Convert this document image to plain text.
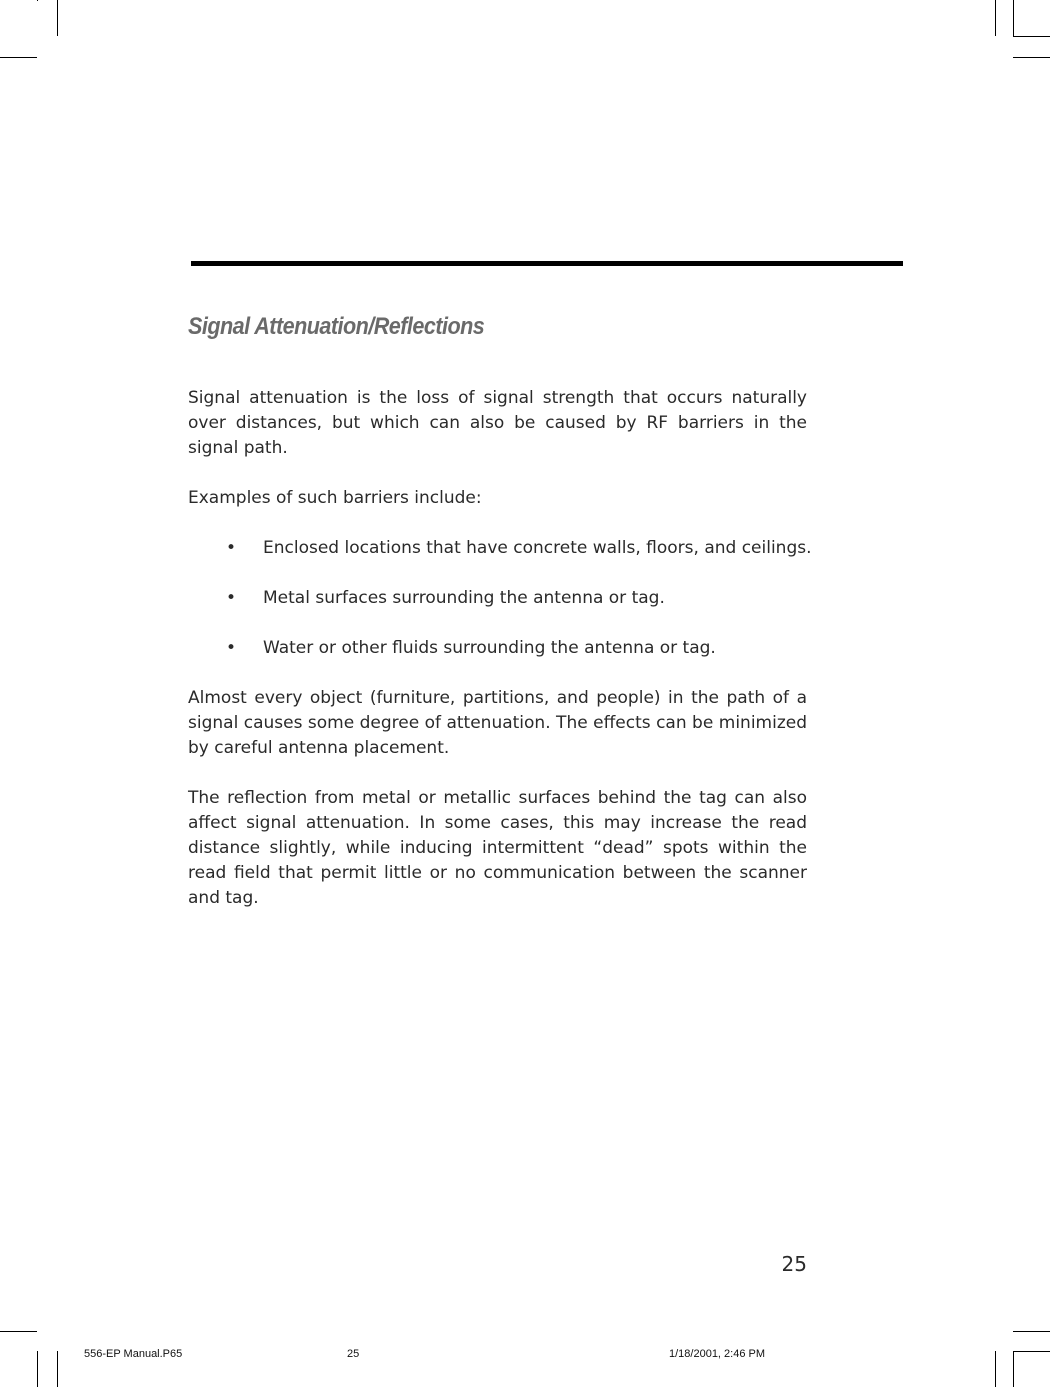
Signal Attenuation/Reflections

Signal attenuation is the loss of signal strength that occurs naturally over distances, but which can also be caused by RF barriers in the signal path.

Examples of such barriers include:

• Enclosed locations that have concrete walls, floors, and ceilings.
• Metal surfaces surrounding the antenna or tag.
• Water or other fluids surrounding the antenna or tag.

Almost every object (furniture, partitions, and people) in the path of a signal causes some degree of attenuation. The effects can be minimized by careful antenna placement.

The reflection from metal or metallic surfaces behind the tag can also affect signal attenuation. In some cases, this may increase the read distance slightly, while inducing intermittent “dead” spots within the read field that permit little or no communication between the scanner and tag.

25
556-EP Manual.P65	25	1/18/2001, 2:46 PM
